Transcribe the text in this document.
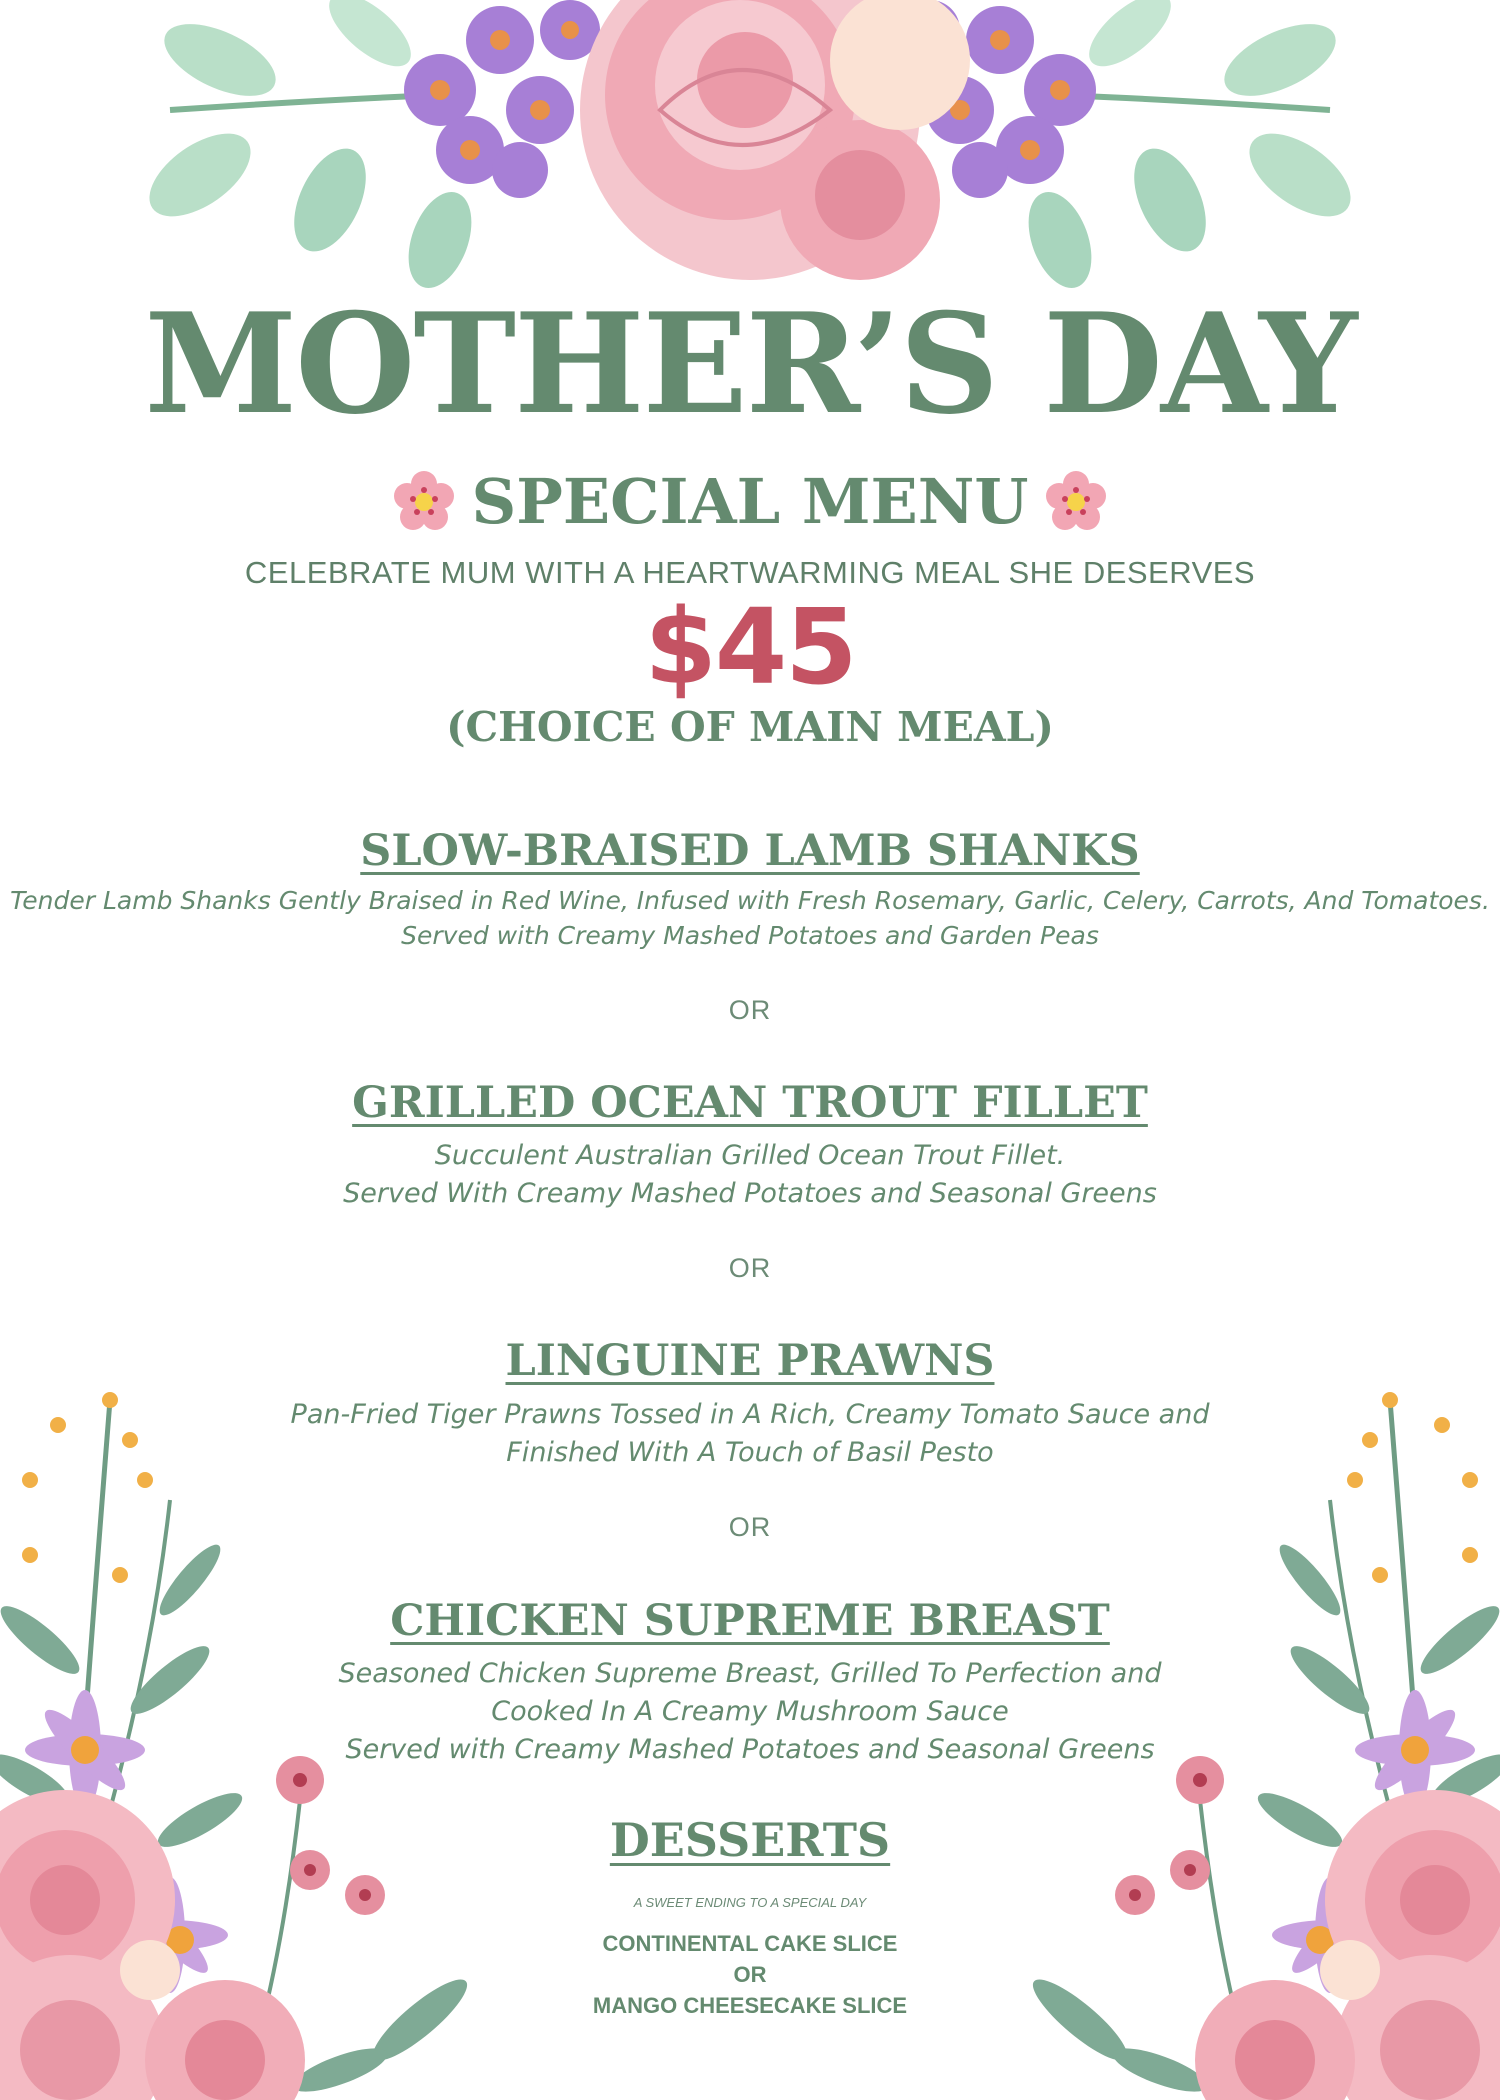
MOTHER’S DAY
SPECIAL MENU
CELEBRATE MUM WITH A HEARTWARMING MEAL SHE DESERVES
$45
(CHOICE OF MAIN MEAL)
SLOW-BRAISED LAMB SHANKS
Tender Lamb Shanks Gently Braised in Red Wine, Infused with Fresh Rosemary, Garlic, Celery, Carrots, And Tomatoes.
Served with Creamy Mashed Potatoes and Garden Peas
OR
GRILLED OCEAN TROUT FILLET
Succulent Australian Grilled Ocean Trout Fillet.
Served With Creamy Mashed Potatoes and Seasonal Greens
OR
LINGUINE PRAWNS
Pan-Fried Tiger Prawns Tossed in A Rich, Creamy Tomato Sauce and
Finished With A Touch of Basil Pesto
OR
CHICKEN SUPREME BREAST
Seasoned Chicken Supreme Breast, Grilled To Perfection and
Cooked In A Creamy Mushroom Sauce
Served with Creamy Mashed Potatoes and Seasonal Greens
DESSERTS
A SWEET ENDING TO A SPECIAL DAY
CONTINENTAL CAKE SLICE
OR
MANGO CHEESECAKE SLICE
